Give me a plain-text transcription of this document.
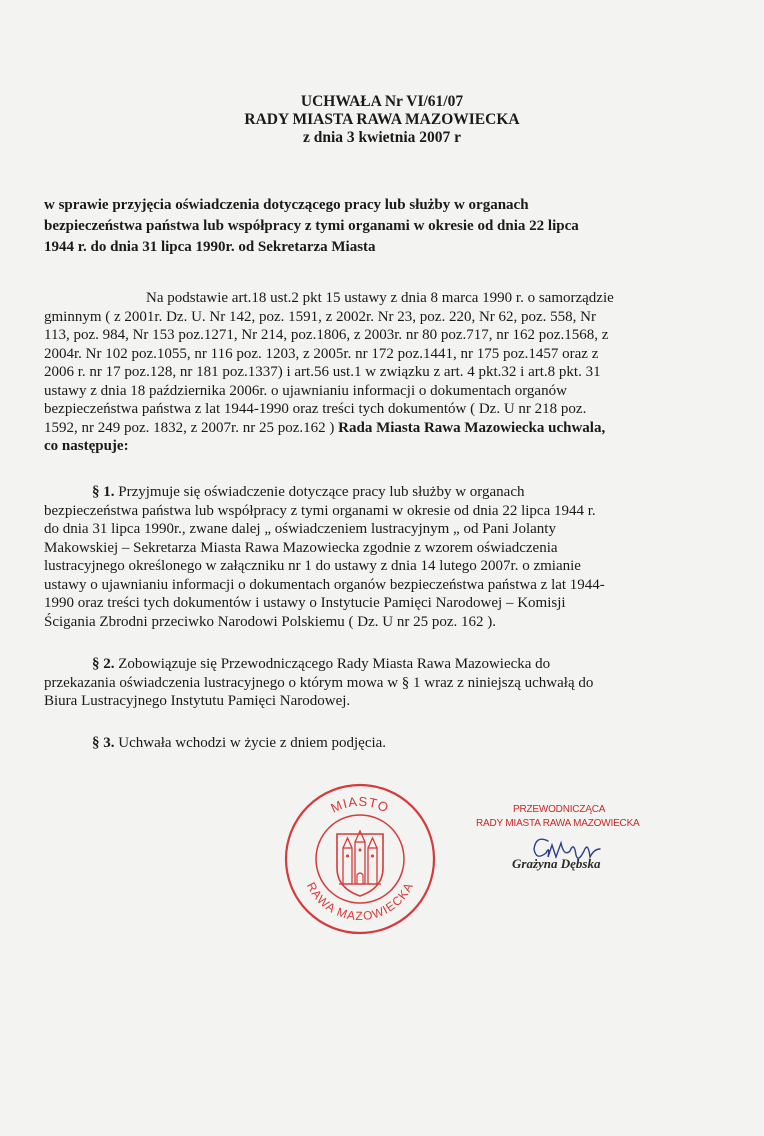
UCHWAŁA Nr VI/61/07
RADY MIASTA RAWA MAZOWIECKA
z dnia 3 kwietnia 2007 r
w sprawie przyjęcia oświadczenia dotyczącego pracy lub służby w organach
bezpieczeństwa państwa lub współpracy z tymi organami w okresie od dnia 22 lipca
1944 r. do dnia 31 lipca 1990r. od Sekretarza Miasta
Na podstawie art.18 ust.2 pkt 15 ustawy z dnia 8 marca 1990 r. o samorządzie
gminnym ( z 2001r. Dz. U. Nr 142, poz. 1591, z 2002r. Nr 23, poz. 220, Nr 62, poz. 558, Nr
113, poz. 984, Nr 153 poz.1271, Nr 214, poz.1806, z 2003r. nr 80 poz.717, nr 162 poz.1568, z
2004r. Nr 102 poz.1055, nr 116 poz. 1203, z 2005r. nr 172 poz.1441, nr 175 poz.1457 oraz z
2006 r. nr 17 poz.128, nr 181 poz.1337) i art.56 ust.1 w związku z art. 4 pkt.32 i art.8 pkt. 31
ustawy z dnia 18 października 2006r. o ujawnianiu informacji o dokumentach organów
bezpieczeństwa państwa z lat 1944-1990 oraz treści tych dokumentów ( Dz. U nr 218 poz.
1592, nr 249 poz. 1832, z 2007r. nr 25 poz.162 ) Rada Miasta Rawa Mazowiecka uchwala,
co następuje:
§ 1. Przyjmuje się oświadczenie dotyczące pracy lub służby w organach
bezpieczeństwa państwa lub współpracy z tymi organami w okresie od dnia 22 lipca 1944 r.
do dnia 31 lipca 1990r., zwane dalej „ oświadczeniem lustracyjnym „ od Pani Jolanty
Makowskiej – Sekretarza Miasta Rawa Mazowiecka zgodnie z wzorem oświadczenia
lustracyjnego określonego w załączniku nr 1 do ustawy z dnia 14 lutego 2007r. o zmianie
ustawy o ujawnianiu informacji o dokumentach organów bezpieczeństwa państwa z lat 1944-
1990 oraz treści tych dokumentów i ustawy o Instytucie Pamięci Narodowej – Komisji
Ścigania Zbrodni przeciwko Narodowi Polskiemu ( Dz. U nr 25 poz. 162 ).
§ 2. Zobowiązuje się Przewodniczącego Rady Miasta Rawa Mazowiecka do
przekazania oświadczenia lustracyjnego o którym mowa w § 1 wraz z niniejszą uchwałą do
Biura Lustracyjnego Instytutu Pamięci Narodowej.
§ 3. Uchwała wchodzi w życie z dniem podjęcia.
MIASTO
RAWA MAZOWIECKA
PRZEWODNICZĄCA
RADY MIASTA RAWA MAZOWIECKA
Grażyna Dębska
